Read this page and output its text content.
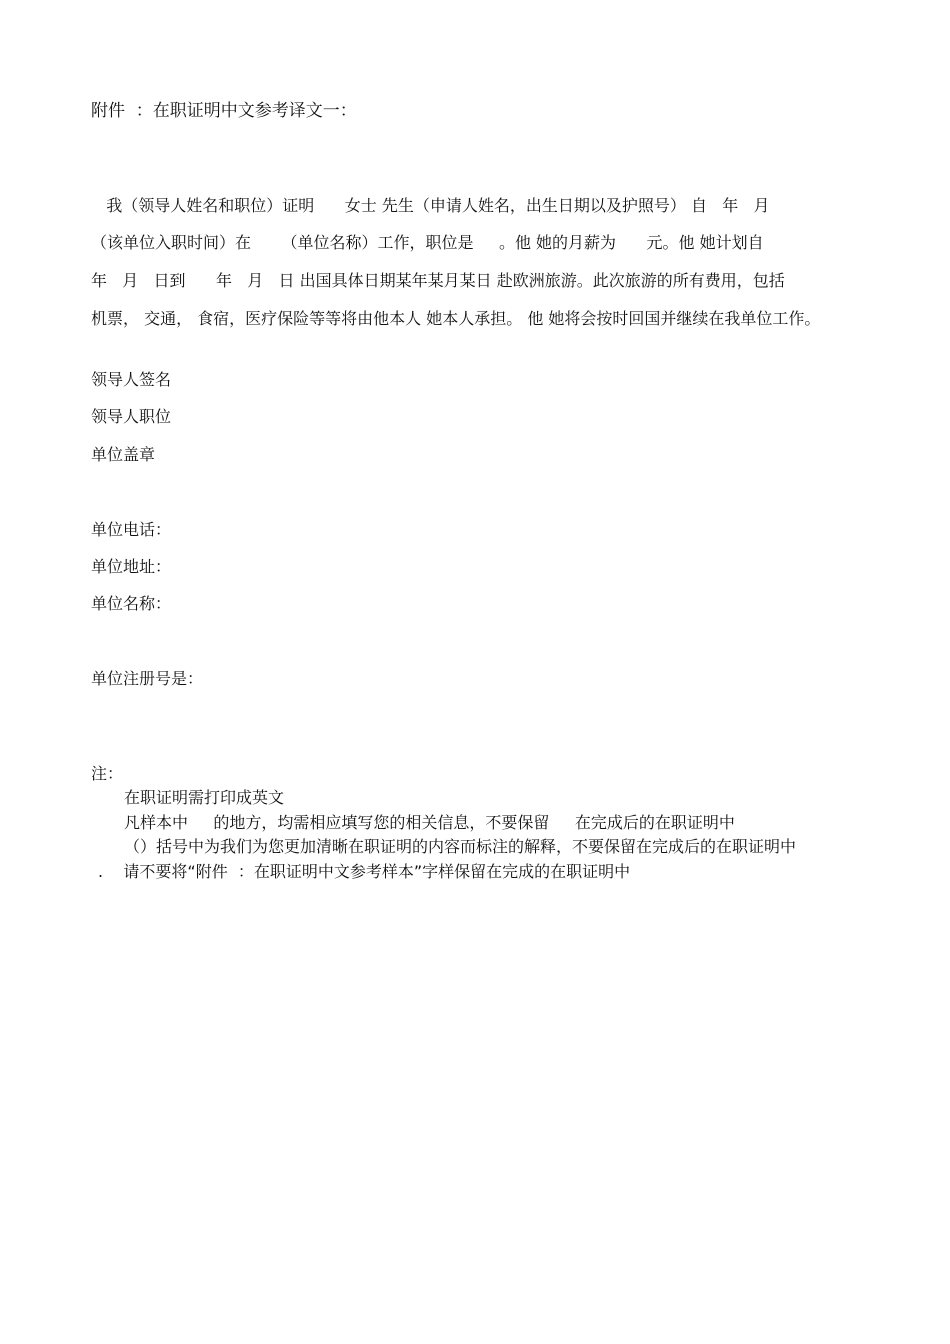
附件  ：在职证明中文参考译文一：
我（领导人姓名和职位）证明      女士 先生（申请人姓名，出生日期以及护照号） 自   年   月
（该单位入职时间）在      （单位名称）工作，职位是     。他 她的月薪为      元。他 她计划自
年   月   日到      年   月   日 出国具体日期某年某月某日 赴欧洲旅游。此次旅游的所有费用，包括
机票， 交通， 食宿，医疗保险等等将由他本人 她本人承担。 他 她将会按时回国并继续在我单位工作。
领导人签名
领导人职位
单位盖章
单位电话：
单位地址：
单位名称：
单位注册号是：
注：
在职证明需打印成英文
凡样本中     的地方，均需相应填写您的相关信息，不要保留     在完成后的在职证明中
（）括号中为我们为您更加清晰在职证明的内容而标注的解释，不要保留在完成后的在职证明中
.    请不要将“附件  ：在职证明中文参考样本”字样保留在完成的在职证明中
